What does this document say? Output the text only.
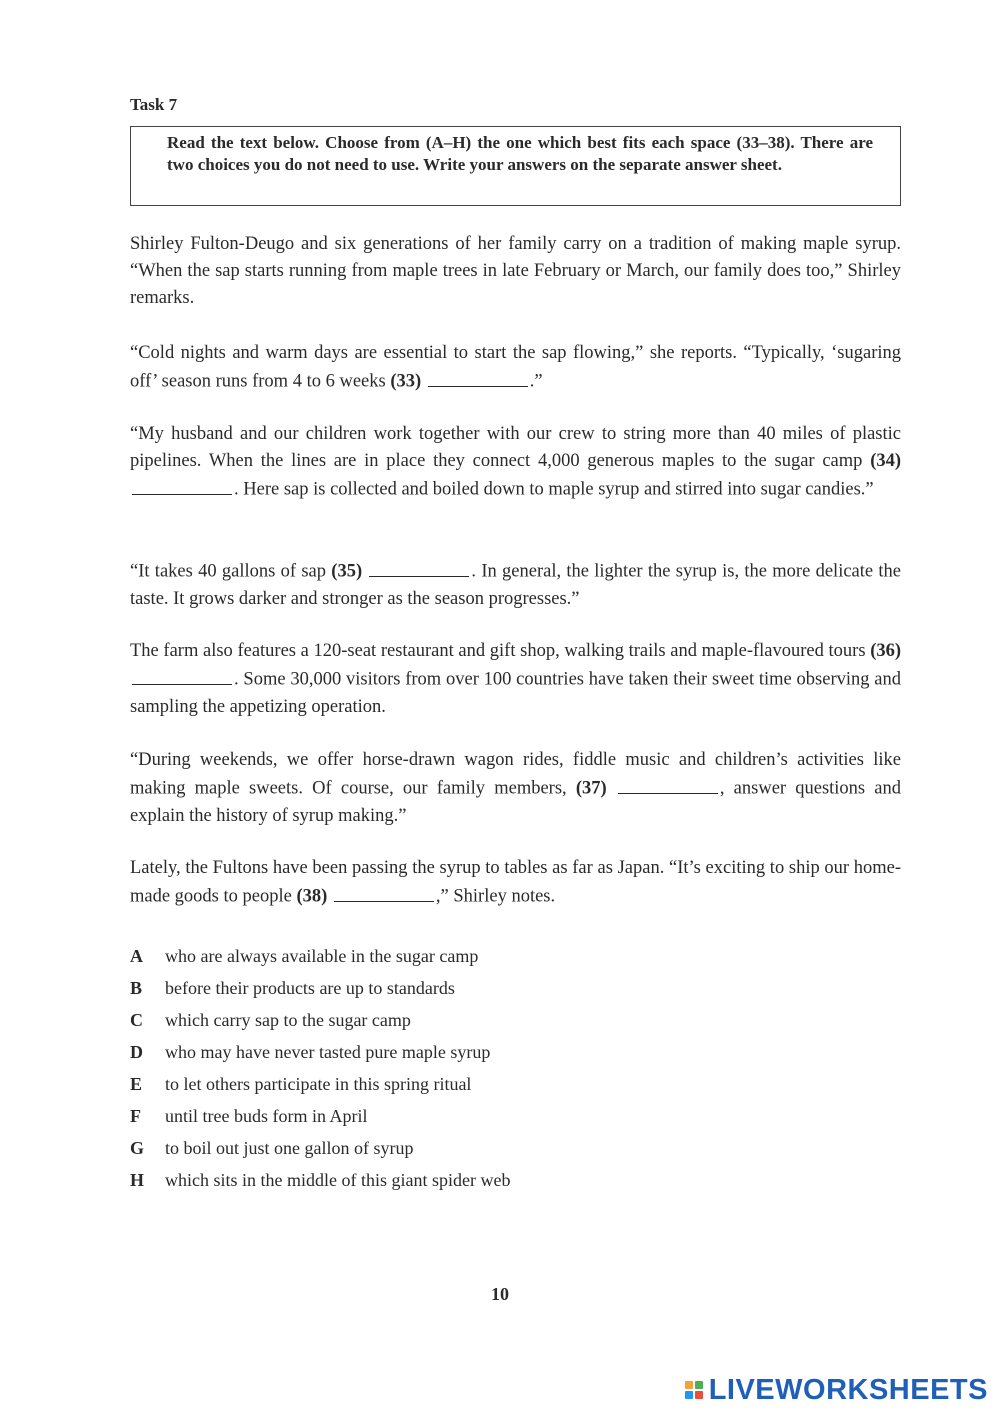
Task 7
Read the text below. Choose from (A–H) the one which best fits each space (33–38). There are two choices you do not need to use. Write your answers on the separate answer sheet.
Shirley Fulton-Deugo and six generations of her family carry on a tradition of making maple syrup. “When the sap starts running from maple trees in late February or March, our family does too,” Shirley remarks.
“Cold nights and warm days are essential to start the sap flowing,” she reports. “Typically, ‘sugaring off’ season runs from 4 to 6 weeks (33)	.”
“My husband and our children work together with our crew to string more than 40 miles of plastic pipelines. When the lines are in place they connect 4,000 generous maples to the sugar camp (34) . Here sap is collected and boiled down to maple syrup and stirred into sugar candies.”
“It takes 40 gallons of sap (35)	. In general, the lighter the syrup is, the more delicate the taste. It grows darker and stronger as the season progresses.”
The farm also features a 120-seat restaurant and gift shop, walking trails and maple-flavoured tours (36) . Some 30,000 visitors from over 100 countries have taken their sweet time observing and sampling the appetizing operation.
“During weekends, we offer horse-drawn wagon rides, fiddle music and children’s activities like making maple sweets. Of course, our family members, (37)	, answer questions and explain the history of syrup making.”
Lately, the Fultons have been passing the syrup to tables as far as Japan. “It’s exciting to ship our home-made goods to people (38)	,” Shirley notes.
A	who are always available in the sugar camp
B	before their products are up to standards
C	which carry sap to the sugar camp
D	who may have never tasted pure maple syrup
E	to let others participate in this spring ritual
F	until tree buds form in April
G	to boil out just one gallon of syrup
H	which sits in the middle of this giant spider web
10
LIVEWORKSHEETS
